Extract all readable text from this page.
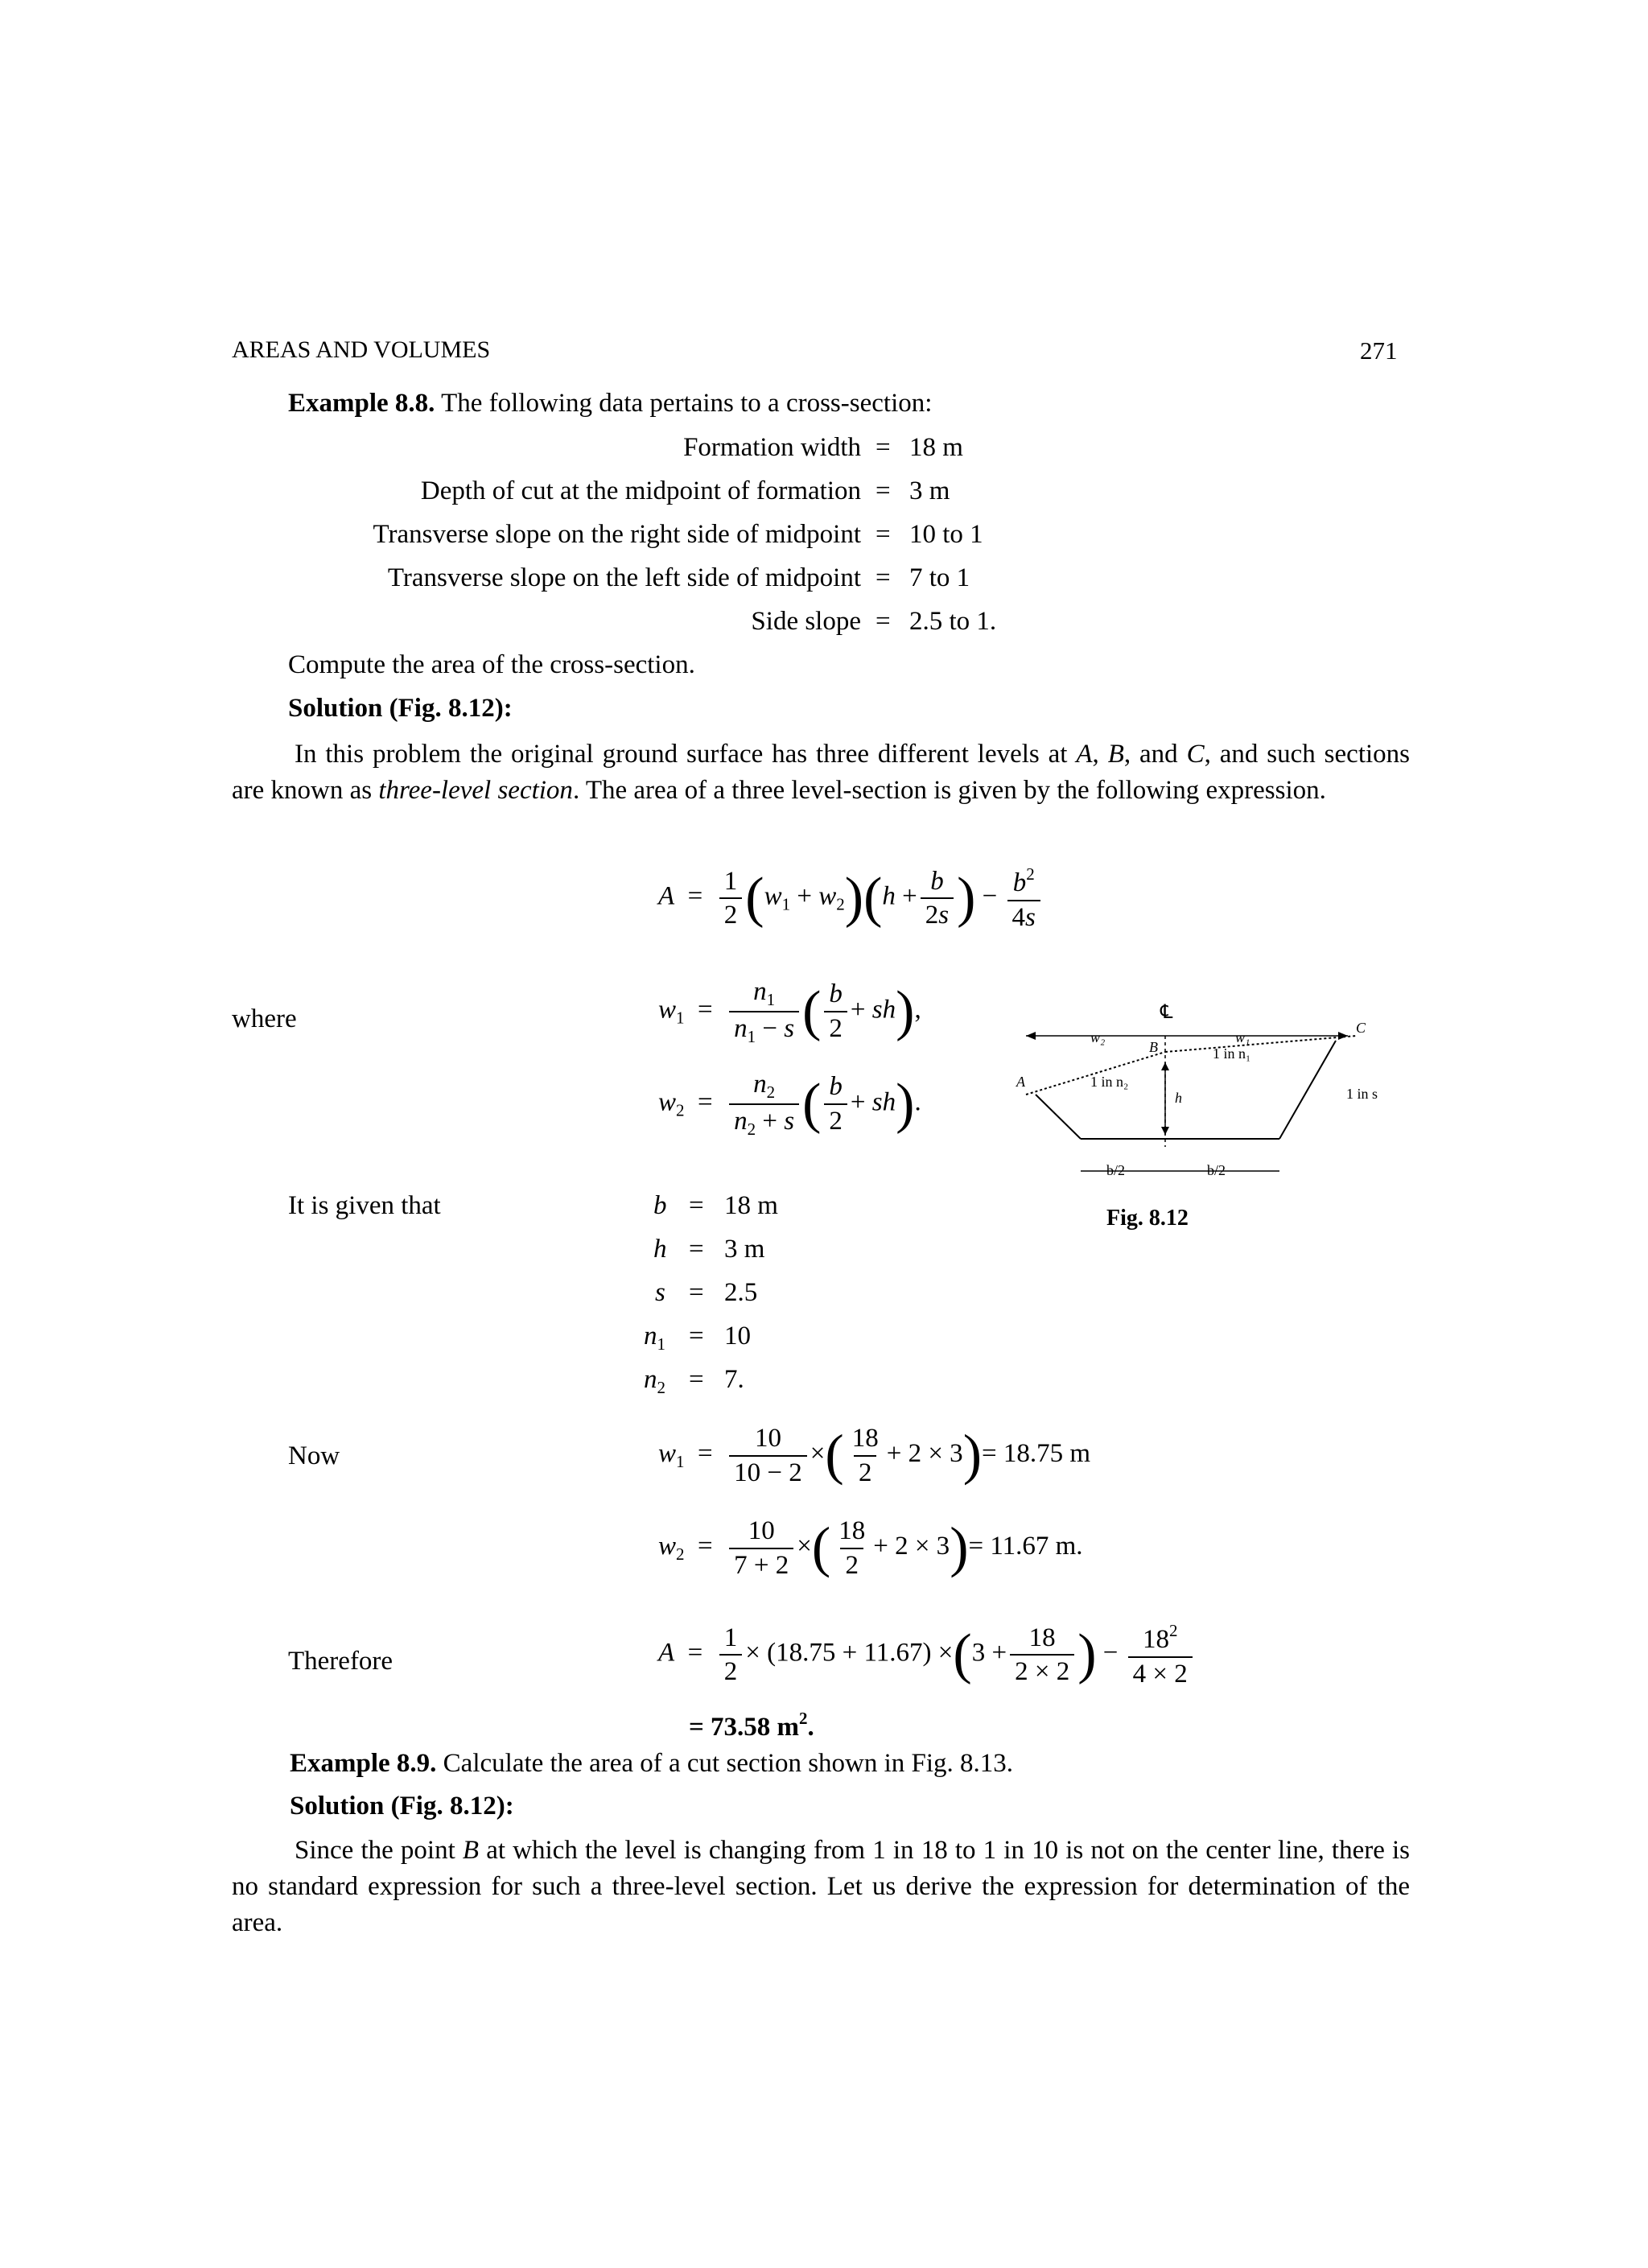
AREAS AND VOLUMES	271
Example 8.8. The following data pertains to a cross-section:
Formation width = 18 m
Depth of cut at the midpoint of formation = 3 m
Transverse slope on the right side of midpoint = 10 to 1
Transverse slope on the left side of midpoint = 7 to 1
Side slope = 2.5 to 1.
Compute the area of the cross-section.
Solution (Fig. 8.12):
In this problem the original ground surface has three different levels at A, B, and C, and such sections are known as three-level section. The area of a three level-section is given by the following expression.
$A = \frac{1}{2} (w_1 + w_2)(h + \frac{b}{2s}$ ) − $\frac{b^2}{4s}$
where	$w_1 = \frac{n_1}{n_1 - s}$ ( $\frac{b}{2} + sh$),
$w_2 = \frac{n_2}{n_2 + s}$ ( $\frac{b}{2} + sh$).
It is given that	b = 18 m
h = 3 m
s = 2.5
$n_1 = 10$
$n_2 = 7$.
Now	$w_1 = \frac{10}{10 - 2}$ ×( $\frac{18}{2} + 2 \times 3)= 18.75$ m
$w_2 = \frac{10}{7 + 2}$ ×( $\frac{18}{2} + 2 \times 3)= 11.67$ m.
Therefore	$A = \frac{1}{2} \times (18.75 + 11.67) \times(3 + \frac{18}{2 \times 2}$ ) − $\frac{18^2}{4 \times 2}$
= 73.58 $m^2$.
℄
w₂	w₁
B
C
A
1 in n₁
1 in n₂
h	1 in s
b/2	b/2
Fig. 8.12
Example 8.9. Calculate the area of a cut section shown in Fig. 8.13.
Solution (Fig. 8.12):
Since the point B at which the level is changing from 1 in 18 to 1 in 10 is not on the center line, there is no standard expression for such a three-level section. Let us derive the expression for determination of the area.
